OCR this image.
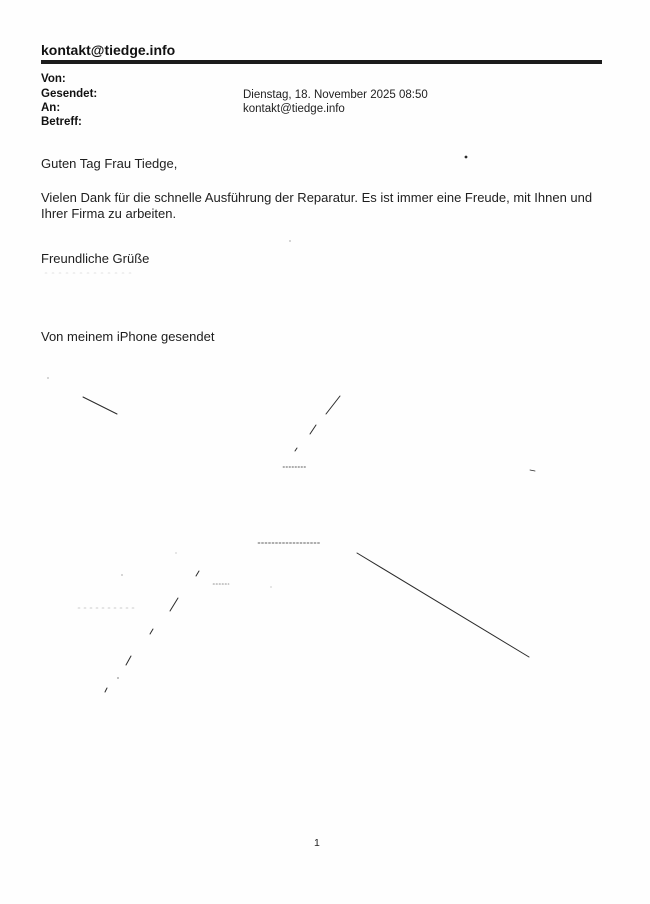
kontakt@tiedge.info
Von:
Gesendet:
An:
Betreff:
Dienstag, 18. November 2025 08:50
kontakt@tiedge.info
Guten Tag Frau Tiedge,
Vielen Dank für die schnelle Ausführung der Reparatur. Es ist immer eine Freude, mit Ihnen und Ihrer Firma zu arbeiten.
Freundliche Grüße
Von meinem iPhone gesendet
1
